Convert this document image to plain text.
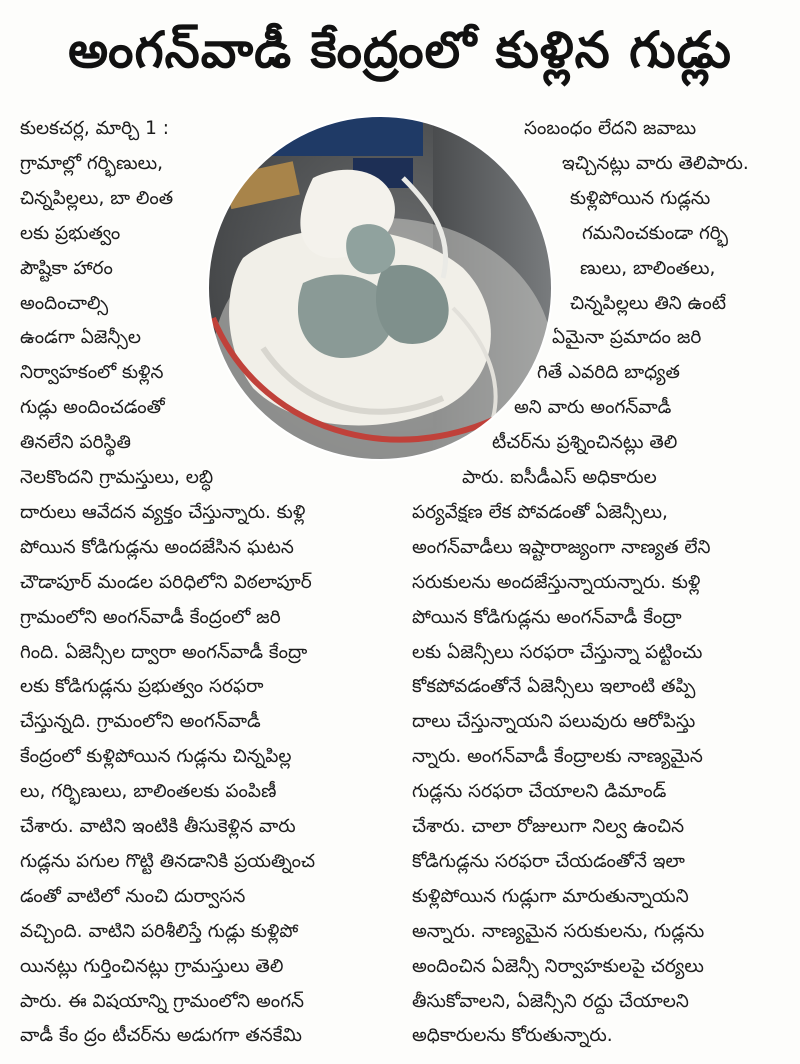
అంగన్‌వాడీ కేంద్రంలో కుళ్లిన గుడ్లు
కులకచర్ల, మార్చి 1 :
గ్రామాల్లో గర్భిణులు,
చిన్నపిల్లలు, బా లింత
లకు ప్రభుత్వం
పౌష్టికా హారం
అందించాల్సి
ఉండగా ఏజెన్సీల
నిర్వాహకంలో కుళ్లిన
గుడ్లు అందించడంతో
తినలేని పరిస్థితి
నెలకొందని గ్రామస్తులు, లబ్ధి
దారులు ఆవేదన వ్యక్తం చేస్తున్నారు. కుళ్లి
పోయిన కోడిగుడ్లను అందజేసిన ఘటన
చౌడాపూర్ మండల పరిధిలోని విఠలాపూర్
గ్రామంలోని అంగన్‌వాడీ కేంద్రంలో జరి
గింది. ఏజెన్సీల ద్వారా అంగన్‌వాడీ కేంద్రా
లకు కోడిగుడ్లను ప్రభుత్వం సరఫరా
చేస్తున్నది. గ్రామంలోని అంగన్‌వాడీ
కేంద్రంలో కుళ్లిపోయిన గుడ్లను చిన్నపిల్ల
లు, గర్భిణులు, బాలింతలకు పంపిణీ
చేశారు. వాటిని ఇంటికి తీసుకెళ్లిన వారు
గుడ్లను పగుల గొట్టి తినడానికి ప్రయత్నించ
డంతో వాటిలో నుంచి దుర్వాసన
వచ్చింది. వాటిని పరిశీలిస్తే గుడ్లు కుళ్లిపో
యినట్లు గుర్తించినట్లు గ్రామస్తులు తెలి
పారు. ఈ విషయాన్ని గ్రామంలోని అంగన్
వాడీ కేం ద్రం టీచర్‌ను అడుగగా తనకేమి
సంబంధం లేదని జవాబు
ఇచ్చినట్లు వారు తెలిపారు.
కుళ్లిపోయిన గుడ్లను
గమనించకుండా గర్భి
ణులు, బాలింతలు,
చిన్నపిల్లలు తిని ఉంటే
ఏమైనా ప్రమాదం జరి
గితే ఎవరిది బాధ్యత
అని వారు అంగన్‌వాడీ
టీచర్‌ను ప్రశ్నించినట్లు తెలి
పారు. ఐసీడీఎస్ అధికారుల
పర్యవేక్షణ లేక పోవడంతో ఏజెన్సీలు,
అంగన్‌వాడీలు ఇష్టారాజ్యంగా నాణ్యత లేని
సరుకులను అందజేస్తున్నాయన్నారు. కుళ్లి
పోయిన కోడిగుడ్లను అంగన్‌వాడీ కేంద్రా
లకు ఏజెన్సీలు సరఫరా చేస్తున్నా పట్టించు
కోకపోవడంతోనే ఏజెన్సీలు ఇలాంటి తప్పి
దాలు చేస్తున్నాయని పలువురు ఆరోపిస్తు
న్నారు. అంగన్‌వాడీ కేంద్రాలకు నాణ్యమైన
గుడ్లను సరఫరా చేయాలని డిమాండ్
చేశారు. చాలా రోజులుగా నిల్వ ఉంచిన
కోడిగుడ్లను సరఫరా చేయడంతోనే ఇలా
కుళ్లిపోయిన గుడ్లుగా మారుతున్నాయని
అన్నారు. నాణ్యమైన సరుకులను, గుడ్లను
అందించిన ఏజెన్సీ నిర్వాహకులపై చర్యలు
తీసుకోవాలని, ఏజెన్సీని రద్దు చేయాలని
అధికారులను కోరుతున్నారు.
